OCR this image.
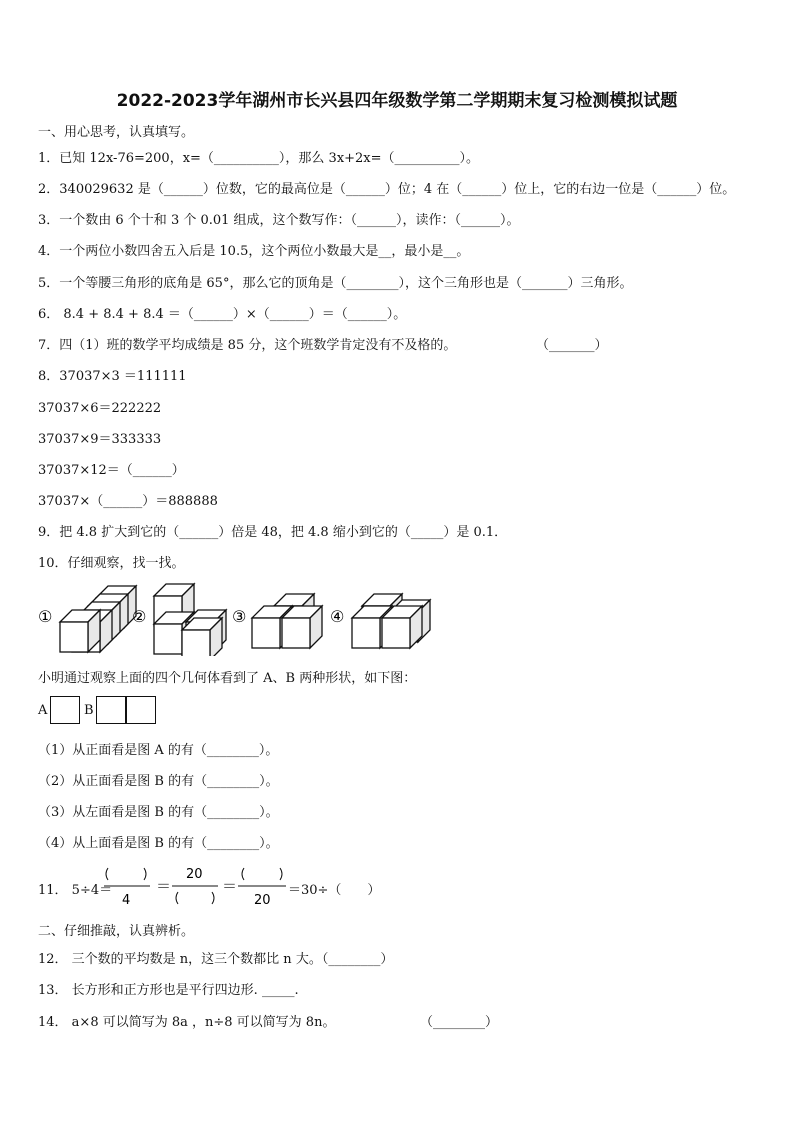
2022-2023学年湖州市长兴县四年级数学第二学期期末复习检测模拟试题
一、用心思考，认真填写。
1．已知 12x-76=200，x=（__________），那么 3x+2x=（__________）。
2．340029632 是（______）位数，它的最高位是（______）位；4 在（______）位上，它的右边一位是（______）位。
3．一个数由 6 个十和 3 个 0.01 组成，这个数写作：（______），读作：（______）。
4．一个两位小数四舍五入后是 10.5，这个两位小数最大是__，最小是__。
5．一个等腰三角形的底角是 65°，那么它的顶角是（________），这个三角形也是（_______）三角形。
6． 8.4 + 8.4 + 8.4 ＝（______）×（______）＝（______）。
7．四（1）班的数学平均成绩是 85 分，这个班数学肯定没有不及格的。	（_______）
8．37037×3 ＝111111
37037×6＝222222
37037×9＝333333
37037×12＝（______）
37037×（______）＝888888
9．把 4.8 扩大到它的（______）倍是 48，把 4.8 缩小到它的（_____）是 0.1．
10．仔细观察，找一找。
①	②	③	④
小明通过观察上面的四个几何体看到了 A、B 两种形状，如下图：
A	B
（1）从正面看是图 A 的有（________）。
（2）从正面看是图 B 的有（________）。
（3）从左面看是图 B 的有（________）。
（4）从上面看是图 B 的有（________）。
11． 5÷4＝
4
＝
20
＝
20
＝30÷（　　）
二、仔细推敲，认真辨析。
12． 三个数的平均数是 n，这三个数都比 n 大。（________）
13． 长方形和正方形也是平行四边形. _____.
14． a×8 可以简写为 8a ，n÷8 可以简写为 8n。	（________）
